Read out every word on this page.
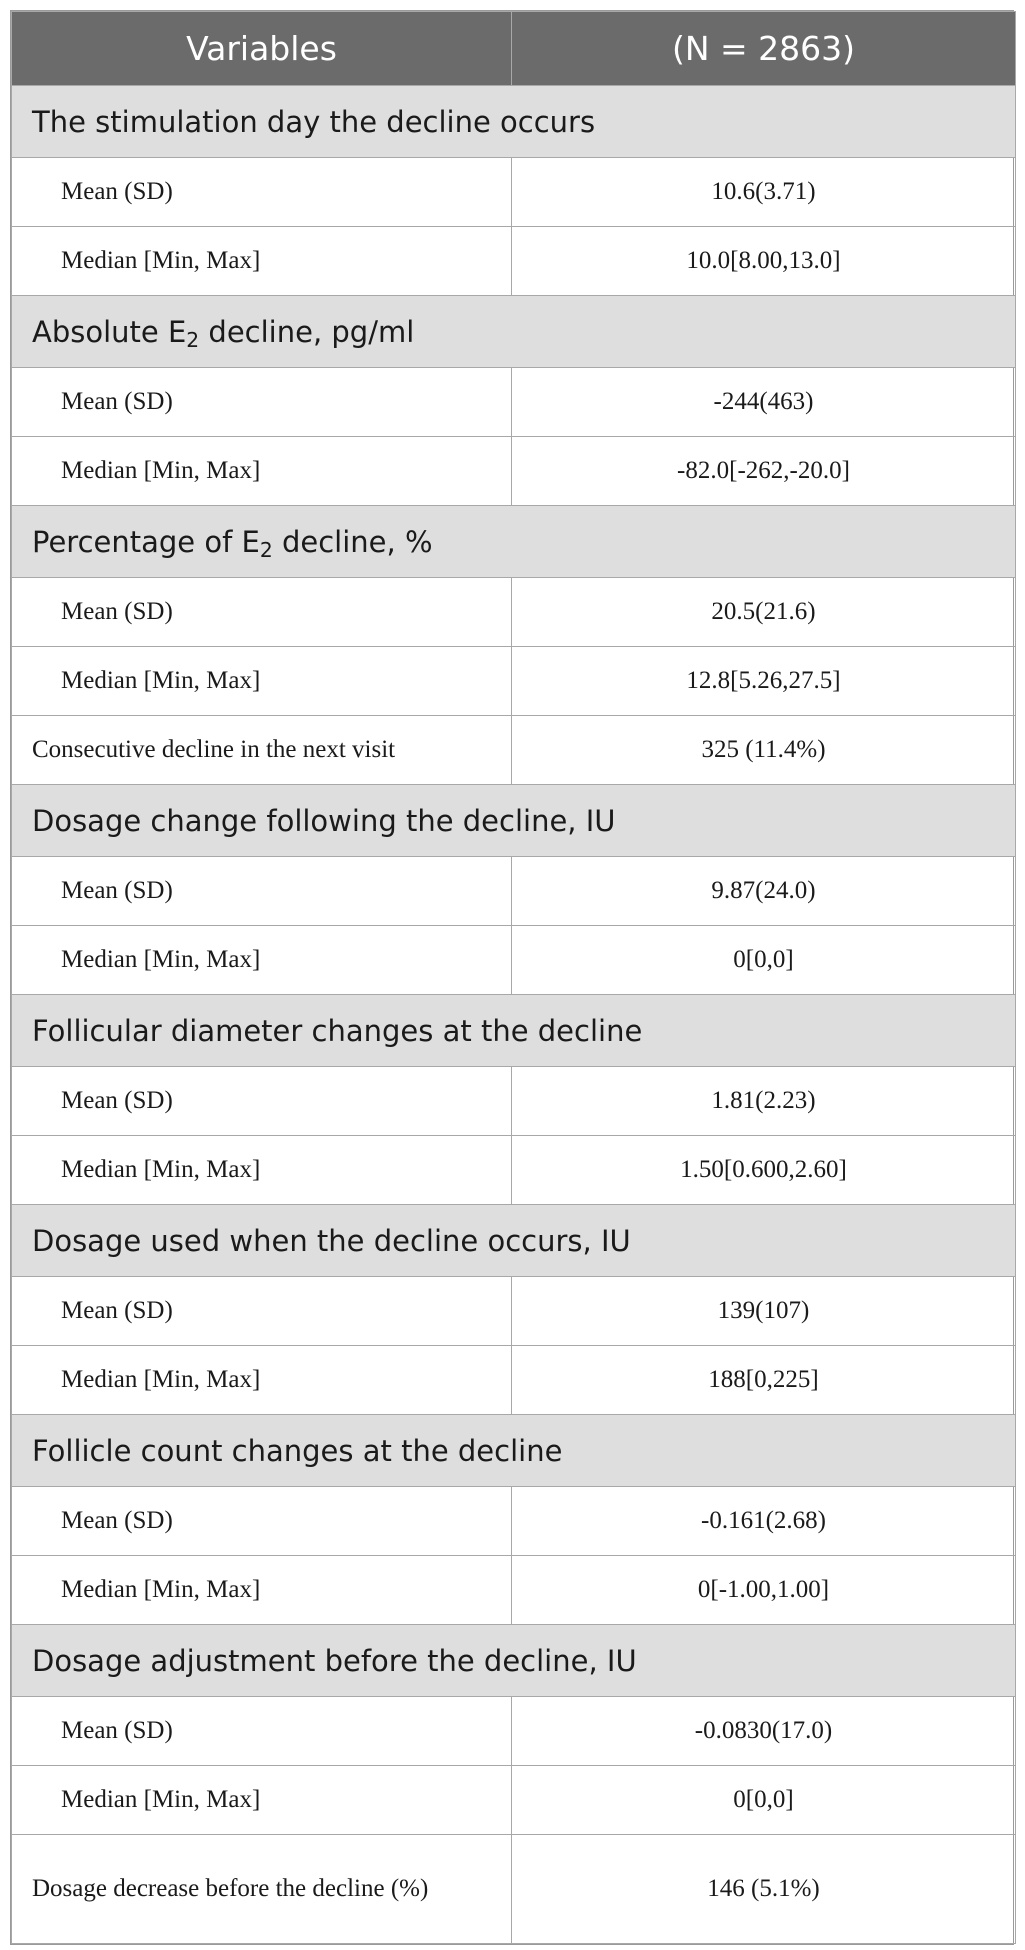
Variables	(N = 2863)
The stimulation day the decline occurs	
Mean (SD)	10.6(3.71)
Median [Min, Max]	10.0[8.00,13.0]
Absolute $E_2$ decline, pg/ml	
Mean (SD)	-244(463)
Median [Min, Max]	-82.0[-262,-20.0]
Percentage of $E_2$ decline, %	
Mean (SD)	20.5(21.6)
Median [Min, Max]	12.8[5.26,27.5]
Consecutive decline in the next visit	325 (11.4%)
Dosage change following the decline, IU	
Mean (SD)	9.87(24.0)
Median [Min, Max]	0[0,0]
Follicular diameter changes at the decline	
Mean (SD)	1.81(2.23)
Median [Min, Max]	1.50[0.600,2.60]
Dosage used when the decline occurs, IU	
Mean (SD)	139(107)
Median [Min, Max]	188[0,225]
Follicle count changes at the decline	
Mean (SD)	-0.161(2.68)
Median [Min, Max]	0[-1.00,1.00]
Dosage adjustment before the decline, IU	
Mean (SD)	-0.0830(17.0)
Median [Min, Max]	0[0,0]
Dosage decrease before the decline (%)	146 (5.1%)
